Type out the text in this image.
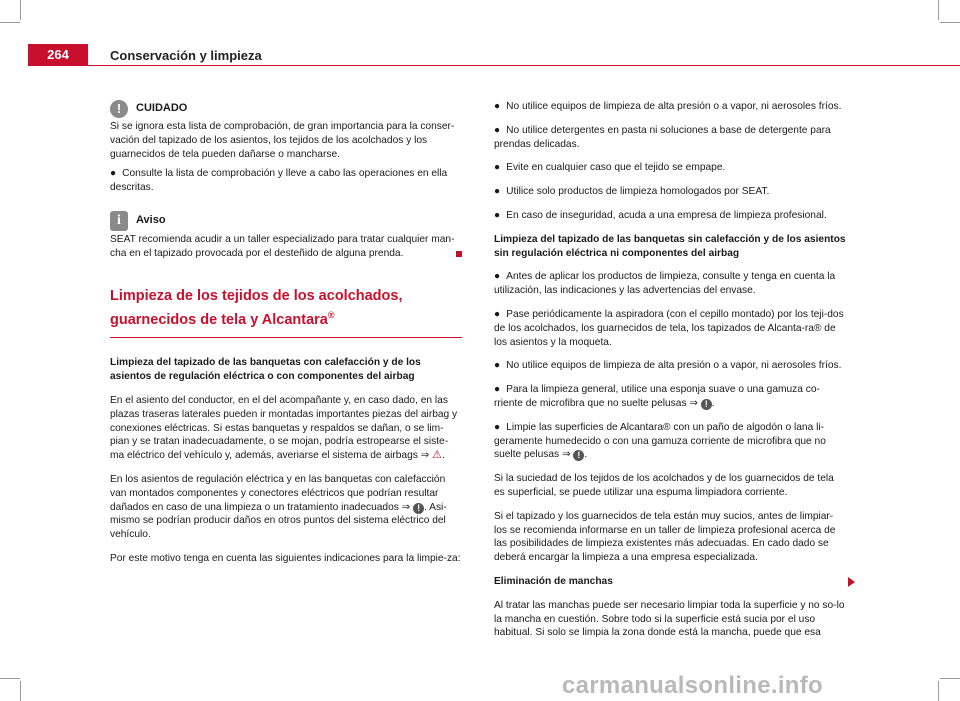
264	Conservación y limpieza
!	CUIDADO

Si se ignora esta lista de comprobación, de gran importancia para la conser-vación del tapizado de los asientos, los tejidos de los acolchados y los guarnecidos de tela pueden dañarse o mancharse.

● Consulte la lista de comprobación y lleve a cabo las operaciones en ella descritas.

i	Aviso

SEAT recomienda acudir a un taller especializado para tratar cualquier man-cha en el tapizado provocada por el desteñido de alguna prenda.

Limpieza de los tejidos de los acolchados, guarnecidos de tela y Alcantara®

Limpieza del tapizado de las banquetas con calefacción y de los asientos de regulación eléctrica o con componentes del airbag

En el asiento del conductor, en el del acompañante y, en caso dado, en las plazas traseras laterales pueden ir montadas importantes piezas del airbag y conexiones eléctricas. Si estas banquetas y respaldos se dañan, o se lim-pian y se tratan inadecuadamente, o se mojan, podría estropearse el siste-ma eléctrico del vehículo y, además, averiarse el sistema de airbags ⇒ ⚠.

En los asientos de regulación eléctrica y en las banquetas con calefacción van montados componentes y conectores eléctricos que podrían resultar dañados en caso de una limpieza o un tratamiento inadecuados ⇒ ! . Asi-mismo se podrían producir daños en otros puntos del sistema eléctrico del vehículo.

Por este motivo tenga en cuenta las siguientes indicaciones para la limpie-za:

● No utilice equipos de limpieza de alta presión o a vapor, ni aerosoles fríos.

● No utilice detergentes en pasta ni soluciones a base de detergente para prendas delicadas.

● Evite en cualquier caso que el tejido se empape.

● Utilice solo productos de limpieza homologados por SEAT.

● En caso de inseguridad, acuda a una empresa de limpieza profesional.

Limpieza del tapizado de las banquetas sin calefacción y de los asientos sin regulación eléctrica ni componentes del airbag

● Antes de aplicar los productos de limpieza, consulte y tenga en cuenta la utilización, las indicaciones y las advertencias del envase.

● Pase periódicamente la aspiradora (con el cepillo montado) por los teji-dos de los acolchados, los guarnecidos de tela, los tapizados de Alcanta-ra® de los asientos y la moqueta.

● No utilice equipos de limpieza de alta presión o a vapor, ni aerosoles fríos.

● Para la limpieza general, utilice una esponja suave o una gamuza co-rriente de microfibra que no suelte pelusas ⇒ ! .

● Limpie las superficies de Alcantara® con un paño de algodón o lana li-geramente humedecido o con una gamuza corriente de microfibra que no suelte pelusas ⇒ ! .

Si la suciedad de los tejidos de los acolchados y de los guarnecidos de tela es superficial, se puede utilizar una espuma limpiadora corriente.

Si el tapizado y los guarnecidos de tela están muy sucios, antes de limpiar-los se recomienda informarse en un taller de limpieza profesional acerca de las posibilidades de limpieza existentes más adecuadas. En cado dado se deberá encargar la limpieza a una empresa especializada.

Eliminación de manchas

Al tratar las manchas puede ser necesario limpiar toda la superficie y no so-lo la mancha en cuestión. Sobre todo si la superficie está sucia por el uso habitual. Si solo se limpia la zona donde está la mancha, puede que esa

carmanualsonline.info
